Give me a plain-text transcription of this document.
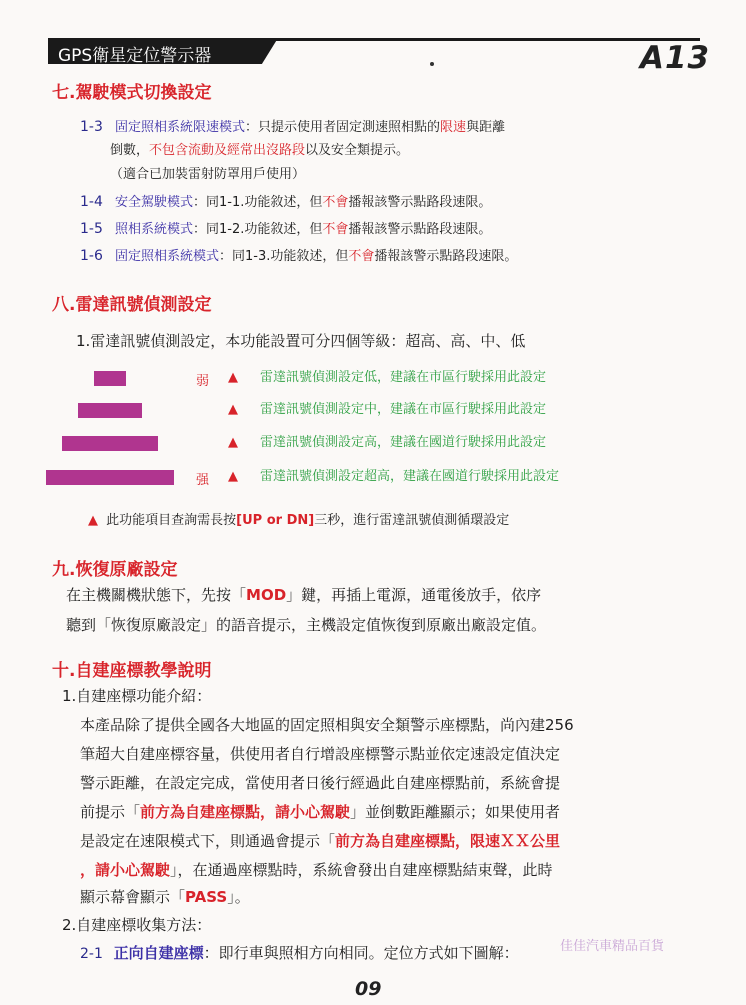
GPS衛星定位警示器	A13
七.駕駛模式切換設定
1-3 固定照相系統限速模式：只提示使用者固定測速照相點的限速與距離
倒數，不包含流動及經常出沒路段以及安全類提示。
（適合已加裝雷射防罩用戶使用）
1-4 安全駕駛模式：同1-1.功能敘述，但不會播報該警示點路段速限。
1-5 照相系統模式：同1-2.功能敘述，但不會播報該警示點路段速限。
1-6 固定照相系統模式：同1-3.功能敘述，但不會播報該警示點路段速限。
八.雷達訊號偵測設定
1.雷達訊號偵測設定，本功能設置可分四個等級：超高、高、中、低
弱
强
▲
▲
▲
▲
雷達訊號偵測設定低，建議在市區行駛採用此設定
雷達訊號偵測設定中，建議在市區行駛採用此設定
雷達訊號偵測設定高，建議在國道行駛採用此設定
雷達訊號偵測設定超高，建議在國道行駛採用此設定
▲ 此功能項目查詢需長按[UP or DN]三秒，進行雷達訊號偵測循環設定
九.恢復原廠設定
在主機關機狀態下，先按「MOD」鍵，再插上電源，通電後放手，依序
聽到「恢復原廠設定」的語音提示，主機設定值恢復到原廠出廠設定值。
十.自建座標教學說明
1.自建座標功能介紹：
本產品除了提供全國各大地區的固定照相與安全類警示座標點，尚內建256
筆超大自建座標容量，供使用者自行增設座標警示點並依定速設定值決定
警示距離，在設定完成，當使用者日後行經過此自建座標點前，系統會提
前提示「前方為自建座標點，請小心駕駛」並倒數距離顯示；如果使用者
是設定在速限模式下，則通過會提示「前方為自建座標點，限速ＸＸ公里
，請小心駕駛」，在通過座標點時，系統會發出自建座標點結束聲，此時
顯示幕會顯示「PASS」。
2.自建座標收集方法：
2-1 正向自建座標：即行車與照相方向相同。定位方式如下圖解：	佳佳汽車精品百貨
09
